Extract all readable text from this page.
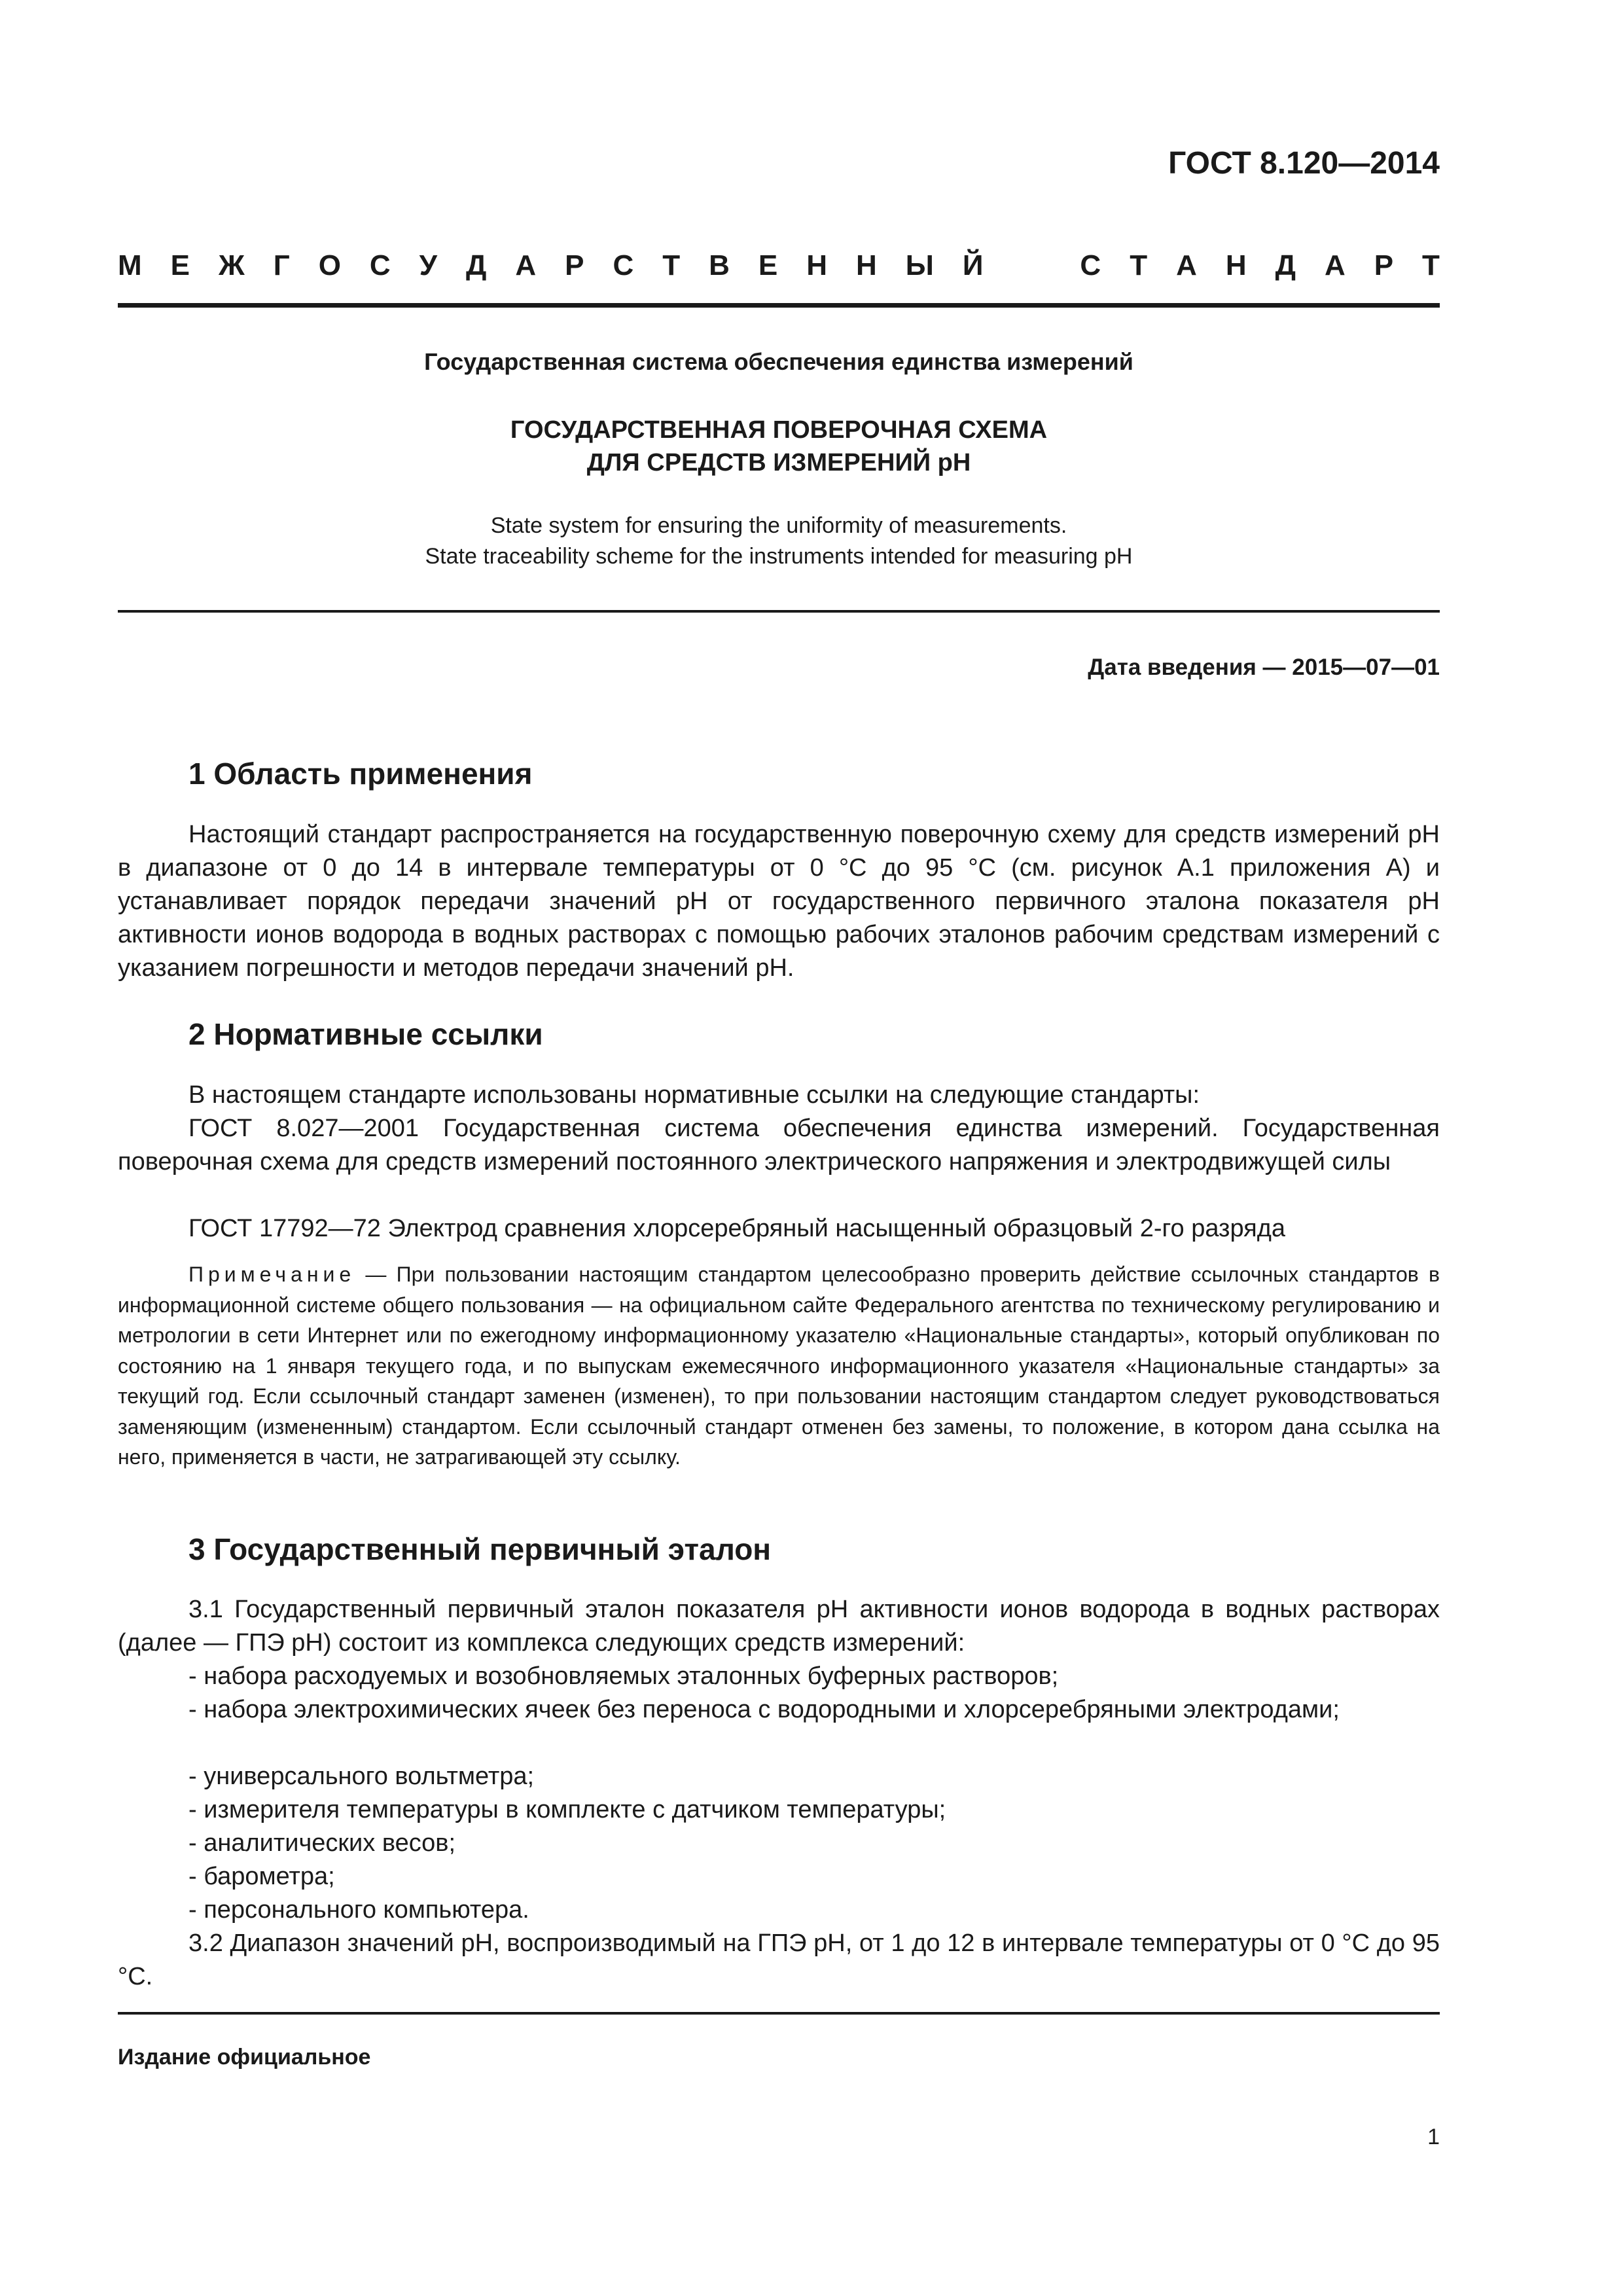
ГОСТ 8.120—2014
М Е Ж Г О С У Д А Р С Т В Е Н Н Ы Й	С Т А Н Д А Р Т
Государственная система обеспечения единства измерений
ГОСУДАРСТВЕННАЯ ПОВЕРОЧНАЯ СХЕМА
ДЛЯ СРЕДСТВ ИЗМЕРЕНИЙ pH
State system for ensuring the uniformity of measurements.
State traceability scheme for the instruments intended for measuring pH
Дата введения — 2015—07—01
1 Область применения
Настоящий стандарт распространяется на государственную поверочную схему для средств измерений pH в диапазоне от 0 до 14 в интервале температуры от 0 °С до 95 °С (см. рисунок А.1 приложения А) и устанавливает порядок передачи значений pH от государственного первичного эталона показателя pH активности ионов водорода в водных растворах с помощью рабочих эталонов рабочим средствам измерений с указанием погрешности и методов передачи значений pH.
2 Нормативные ссылки
В настоящем стандарте использованы нормативные ссылки на следующие стандарты:
ГОСТ 8.027—2001 Государственная система обеспечения единства измерений. Государственная поверочная схема для средств измерений постоянного электрического напряжения и электродвижущей силы
ГОСТ 17792—72 Электрод сравнения хлорсеребряный насыщенный образцовый 2-го разряда
Примечание — При пользовании настоящим стандартом целесообразно проверить действие ссылочных стандартов в информационной системе общего пользования — на официальном сайте Федерального агентства по техническому регулированию и метрологии в сети Интернет или по ежегодному информационному указателю «Национальные стандарты», который опубликован по состоянию на 1 января текущего года, и по выпускам ежемесячного информационного указателя «Национальные стандарты» за текущий год. Если ссылочный стандарт заменен (изменен), то при пользовании настоящим стандартом следует руководствоваться заменяющим (измененным) стандартом. Если ссылочный стандарт отменен без замены, то положение, в котором дана ссылка на него, применяется в части, не затрагивающей эту ссылку.
3 Государственный первичный эталон
3.1 Государственный первичный эталон показателя pH активности ионов водорода в водных растворах (далее — ГПЭ pH) состоит из комплекса следующих средств измерений:
- набора расходуемых и возобновляемых эталонных буферных растворов;
- набора электрохимических ячеек без переноса с водородными и хлорсеребряными электродами;
- универсального вольтметра;
- измерителя температуры в комплекте с датчиком температуры;
- аналитических весов;
- барометра;
- персонального компьютера.
3.2 Диапазон значений pH, воспроизводимый на ГПЭ pH, от 1 до 12 в интервале температуры от 0 °С до 95 °С.
Издание официальное
1
